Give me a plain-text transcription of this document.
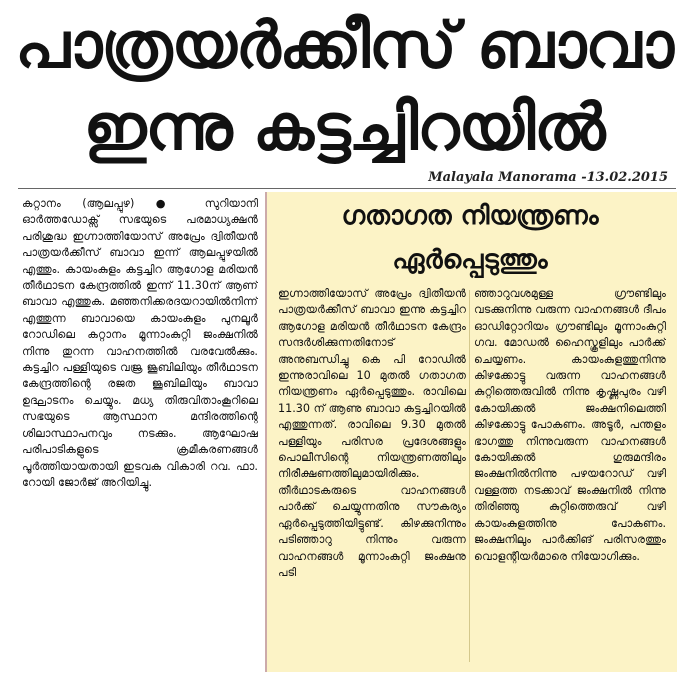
പാത്രയർക്കീസ് ബാവാ
ഇന്നു കട്ടച്ചിറയിൽ
Malayala Manorama -13.02.2015

കറ്റാനം (ആലപ്പുഴ) ● സുറിയാനി ഓർത്തഡോക്സ് സഭയുടെ പരമാധ്യക്ഷൻ പരിശുദ്ധ ഇഗ്നാത്തിയോസ് അപ്രേം ദ്വിതീയൻ പാത്രയർക്കീസ് ബാവാ ഇന്ന് ആലപ്പുഴയിൽ എത്തും. കായംകുളം കട്ടച്ചിറ ആഗോള മരിയൻ തീർഥാടന കേന്ദ്രത്തിൽ ഇന്ന് 11.30ന് ആണ് ബാവാ എത്തുക. മഞ്ഞനിക്കരദയറായിൽനിന്ന് എത്തുന്ന ബാവായെ കായംകുളം പുനലൂർ റോഡിലെ കറ്റാനം മൂന്നാംകുറ്റി ജംക്ഷനിൽ നിന്നു തുറന്ന വാഹനത്തിൽ വരവേൽക്കും. കട്ടച്ചിറ പള്ളിയുടെ വജ്ര ജൂബിലിയും തീർഥാടന കേന്ദ്രത്തിന്റെ രജത ജൂബിലിയും ബാവാ ഉദ്ഘാടനം ചെയ്യും. മധ്യ തിരുവിതാംകൂറിലെ സഭയുടെ ആസ്ഥാന മന്ദിരത്തിന്റെ ശിലാസ്ഥാപനവും നടക്കും. ആഘോഷ പരിപാടികളുടെ ക്രമീകരണങ്ങൾ പൂർത്തിയായതായി ഇടവക വികാരി റവ. ഫാ. റോയി ജോർജ് അറിയിച്ചു.

ഗതാഗത നിയന്ത്രണം
ഏർപ്പെടുത്തും

ഇഗ്നാത്തിയോസ് അപ്രേം ദ്വിതീയൻ പാത്രയർക്കീസ് ബാവാ ഇന്നു കട്ടച്ചിറ ആഗോള മരിയൻ തീർഥാടന കേന്ദ്രം സന്ദർശിക്കുന്നതിനോട് അനുബന്ധിച്ചു കെ പി റോഡിൽ ഇന്നുരാവിലെ 10 മുതൽ ഗതാഗത നിയന്ത്രണം ഏർപ്പെടുത്തും. രാവിലെ 11.30 ന് ആണു ബാവാ കട്ടച്ചിറയിൽ എത്തുന്നത്. രാവിലെ 9.30 മുതൽ പള്ളിയും പരിസര പ്രദേശങ്ങളും പൊലീസിന്റെ നിയന്ത്രണത്തിലും നിരീക്ഷണത്തിലുമായിരിക്കും. തീർഥാടകരുടെ വാഹനങ്ങൾ പാർക്ക് ചെയ്യുന്നതിനു സൗകര്യം ഏർപ്പെടുത്തിയിട്ടുണ്ട്. കിഴക്കുനിന്നും പടിഞ്ഞാറു നിന്നും വരുന്ന വാഹനങ്ങൾ മൂന്നാംകുറ്റി ജംക്ഷനു പടി

ഞ്ഞാറുവശമുള്ള ഗ്രൗണ്ടിലും വടക്കുനിന്നു വരുന്ന വാഹനങ്ങൾ ദീപം ഓഡിറ്റോറിയം ഗ്രൗണ്ടിലും മൂന്നാംകുറ്റി ഗവ. മോഡൽ ഹൈസ്കൂളിലും പാർക്ക് ചെയ്യണം. കായംകുളത്തുനിന്നു കിഴക്കോട്ടു വരുന്ന വാഹനങ്ങൾ കുറ്റിത്തെരുവിൽ നിന്നു കൃഷ്ണപുരം വഴി കോയിക്കൽ ജംക്ഷനിലെത്തി കിഴക്കോട്ടു പോകണം. അടൂർ, പന്തളം ഭാഗത്തു നിന്നുവരുന്ന വാഹനങ്ങൾ കോയിക്കൽ ഗുരുമന്ദിരം ജംക്ഷനിൽനിന്നു പഴയറോഡ് വഴി വള്ളത്ത നടക്കാവ് ജംക്ഷനിൽ നിന്നു തിരിഞ്ഞു കുറ്റിത്തെരുവ് വഴി കായംകുളത്തിനു പോകണം. ജംക്ഷനിലും പാർക്കിങ് പരിസരത്തും വൊളന്റിയർമാരെ നിയോഗിക്കും.
